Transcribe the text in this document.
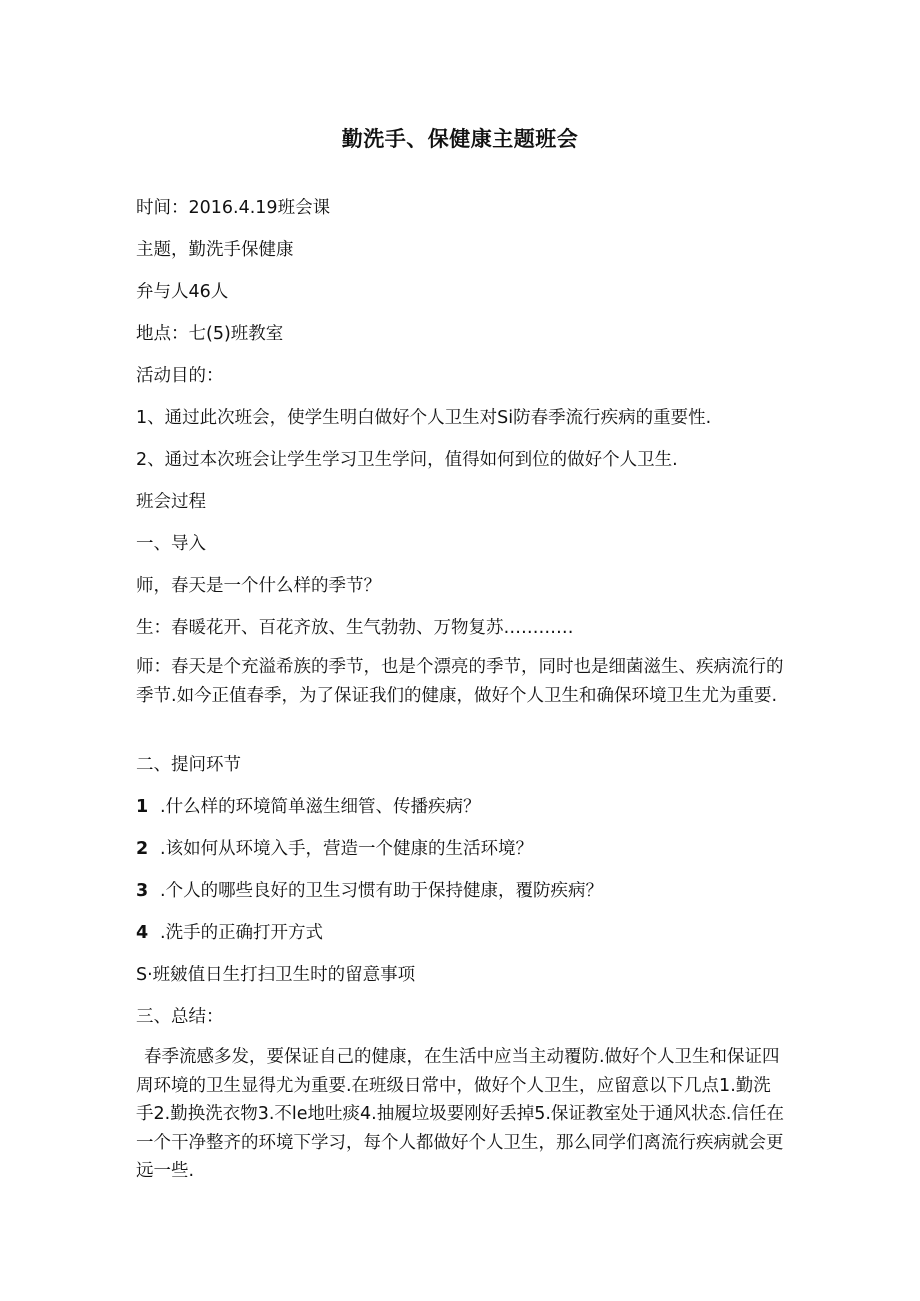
勤洗手、保健康主题班会
时间：2016.4.19班会课
主题，勤洗手保健康
弁与人46人
地点：七(5)班教室
活动目的：
1、通过此次班会，使学生明白做好个人卫生对Si防春季流行疾病的重要性.
2、通过本次班会让学生学习卫生学问，值得如何到位的做好个人卫生.
班会过程
一、导入
师，春天是一个什么样的季节？
生：春暖花开、百花齐放、生气勃勃、万物复苏…………
师：春天是个充溢希族的季节，也是个漂亮的季节，同时也是细菌滋生、疾病流行的季节.如今正值春季，为了保证我们的健康，做好个人卫生和确保环境卫生尤为重要.
二、提问环节
1 .什么样的环境简单滋生细管、传播疾病？
2 .该如何从环境入手，营造一个健康的生活环境？
3 .个人的哪些良好的卫生习惯有助于保持健康，覆防疾病？
4 .洗手的正确打开方式
S·班皴值日生打扫卫生时的留意事项
三、总结：
春季流感多发，要保证自己的健康，在生活中应当主动覆防.做好个人卫生和保证四周环境的卫生显得尤为重要.在班级日常中，做好个人卫生，应留意以下几点1.勤洗手2.勤换洗衣物3.不le地吐痰4.抽履垃圾要刚好丢掉5.保证教室处于通风状态.信任在一个干净整齐的环境下学习，每个人都做好个人卫生，那么同学们离流行疾病就会更远一些.
